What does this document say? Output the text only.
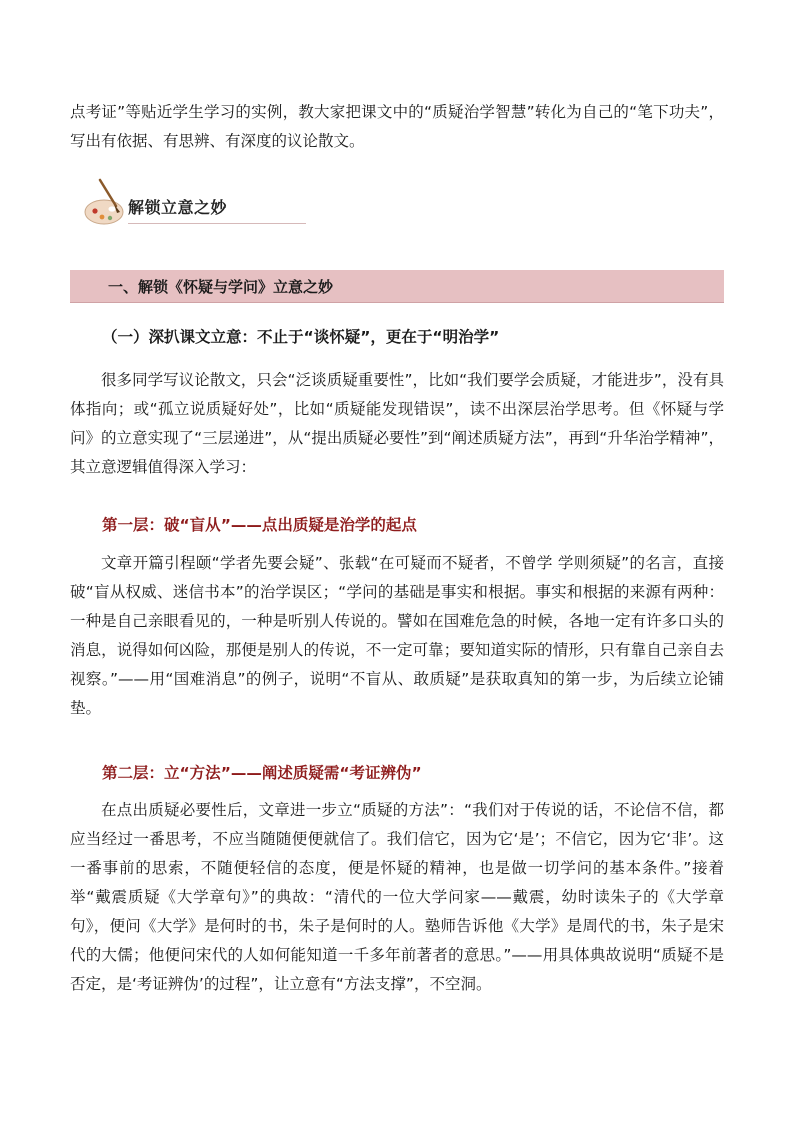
点考证”等贴近学生学习的实例，教大家把课文中的“质疑治学智慧”转化为自己的“笔下功夫”，写出有依据、有思辨、有深度的议论散文。

解锁立意之妙
一、解锁《怀疑与学问》立意之妙
（一）深扒课文立意：不止于“谈怀疑”，更在于“明治学”

很多同学写议论散文，只会“泛谈质疑重要性”，比如“我们要学会质疑，才能进步”，没有具体指向；或“孤立说质疑好处”，比如“质疑能发现错误”，读不出深层治学思考。但《怀疑与学问》的立意实现了“三层递进”，从“提出质疑必要性”到“阐述质疑方法”，再到“升华治学精神”，其立意逻辑值得深入学习：

第一层：破“盲从”——点出质疑是治学的起点

文章开篇引程颐“学者先要会疑”、张载“在可疑而不疑者，不曾学 学则须疑”的名言，直接破“盲从权威、迷信书本”的治学误区；“学问的基础是事实和根据。事实和根据的来源有两种：一种是自己亲眼看见的，一种是听别人传说的。譬如在国难危急的时候，各地一定有许多口头的消息，说得如何凶险，那便是别人的传说，不一定可靠；要知道实际的情形，只有靠自己亲自去视察。”——用“国难消息”的例子，说明“不盲从、敢质疑”是获取真知的第一步，为后续立论铺垫。

第二层：立“方法”——阐述质疑需“考证辨伪”

在点出质疑必要性后，文章进一步立“质疑的方法”：“我们对于传说的话，不论信不信，都应当经过一番思考，不应当随随便便就信了。我们信它，因为它‘是’；不信它，因为它‘非’。这一番事前的思索，不随便轻信的态度，便是怀疑的精神，也是做一切学问的基本条件。”接着举“戴震质疑《大学章句》”的典故：“清代的一位大学问家——戴震，幼时读朱子的《大学章句》，便问《大学》是何时的书，朱子是何时的人。塾师告诉他《大学》是周代的书，朱子是宋代的大儒；他便问宋代的人如何能知道一千多年前著者的意思。”——用具体典故说明“质疑不是否定，是‘考证辨伪’的过程”，让立意有“方法支撑”，不空洞。
